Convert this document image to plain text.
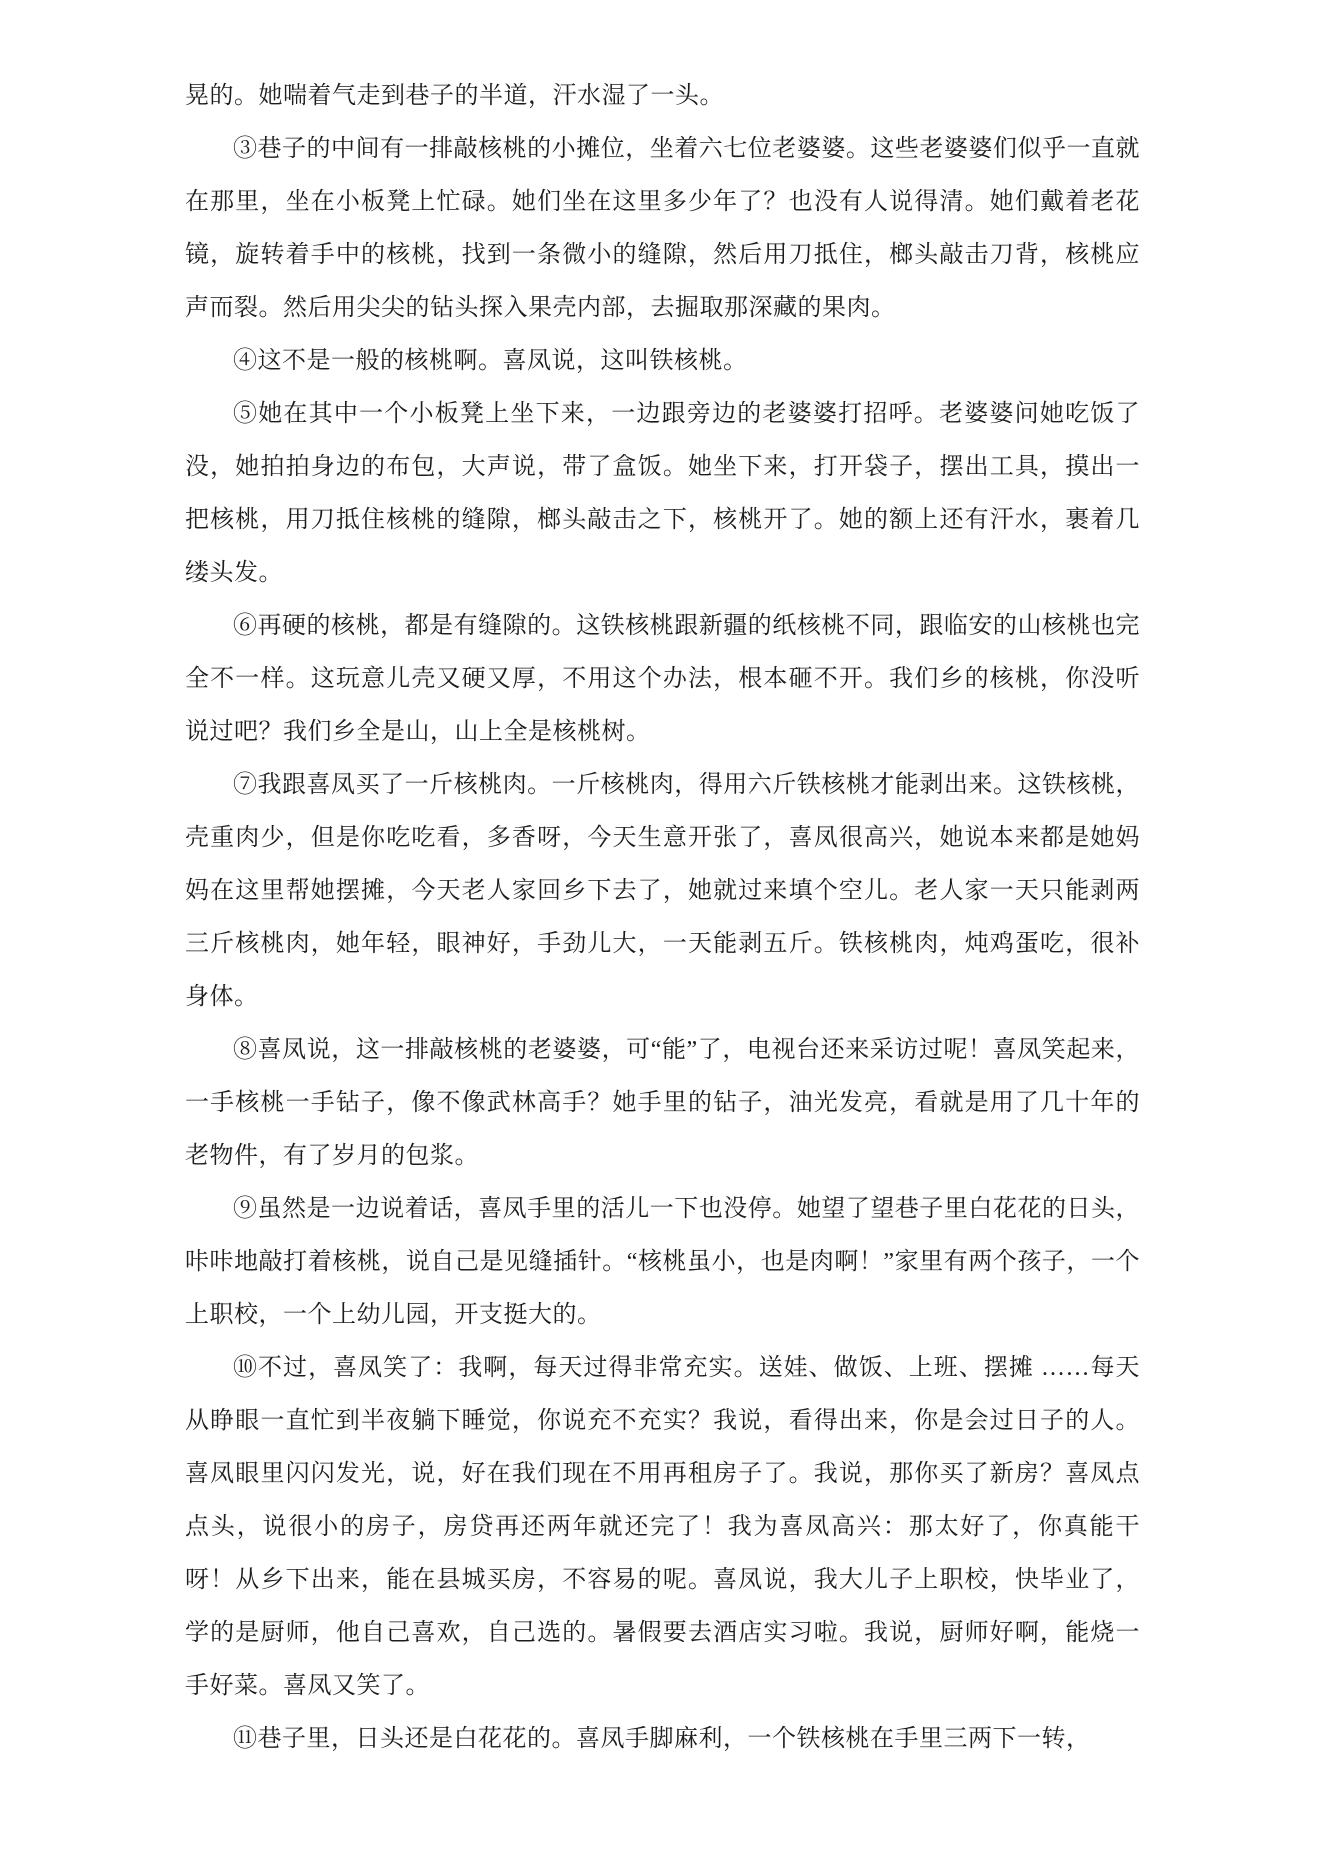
晃的。她喘着气走到巷子的半道，汗水湿了一头。

③巷子的中间有一排敲核桃的小摊位，坐着六七位老婆婆。这些老婆婆们似乎一直就在那里，坐在小板凳上忙碌。她们坐在这里多少年了？也没有人说得清。她们戴着老花镜，旋转着手中的核桃，找到一条微小的缝隙，然后用刀抵住，榔头敲击刀背，核桃应声而裂。然后用尖尖的钻头探入果壳内部，去掘取那深藏的果肉。

④这不是一般的核桃啊。喜凤说，这叫铁核桃。

⑤她在其中一个小板凳上坐下来，一边跟旁边的老婆婆打招呼。老婆婆问她吃饭了没，她拍拍身边的布包，大声说，带了盒饭。她坐下来，打开袋子，摆出工具，摸出一把核桃，用刀抵住核桃的缝隙，榔头敲击之下，核桃开了。她的额上还有汗水，裹着几缕头发。

⑥再硬的核桃，都是有缝隙的。这铁核桃跟新疆的纸核桃不同，跟临安的山核桃也完全不一样。这玩意儿壳又硬又厚，不用这个办法，根本砸不开。我们乡的核桃，你没听说过吧？我们乡全是山，山上全是核桃树。

⑦我跟喜凤买了一斤核桃肉。一斤核桃肉，得用六斤铁核桃才能剥出来。这铁核桃，壳重肉少，但是你吃吃看，多香呀，今天生意开张了，喜凤很高兴，她说本来都是她妈妈在这里帮她摆摊，今天老人家回乡下去了，她就过来填个空儿。老人家一天只能剥两三斤核桃肉，她年轻，眼神好，手劲儿大，一天能剥五斤。铁核桃肉，炖鸡蛋吃，很补身体。

⑧喜凤说，这一排敲核桃的老婆婆，可“能”了，电视台还来采访过呢！喜凤笑起来，一手核桃一手钻子，像不像武林高手？她手里的钻子，油光发亮，看就是用了几十年的老物件，有了岁月的包浆。

⑨虽然是一边说着话，喜凤手里的活儿一下也没停。她望了望巷子里白花花的日头，咔咔地敲打着核桃，说自己是见缝插针。“核桃虽小，也是肉啊！”家里有两个孩子，一个上职校，一个上幼儿园，开支挺大的。

⑩不过，喜凤笑了：我啊，每天过得非常充实。送娃、做饭、上班、摆摊 ……每天从睁眼一直忙到半夜躺下睡觉，你说充不充实？我说，看得出来，你是会过日子的人。喜凤眼里闪闪发光，说，好在我们现在不用再租房子了。我说，那你买了新房？喜凤点点头，说很小的房子，房贷再还两年就还完了！我为喜凤高兴：那太好了，你真能干呀！从乡下出来，能在县城买房，不容易的呢。喜凤说，我大儿子上职校，快毕业了，学的是厨师，他自己喜欢，自己选的。暑假要去酒店实习啦。我说，厨师好啊，能烧一手好菜。喜凤又笑了。

⑪巷子里，日头还是白花花的。喜凤手脚麻利，一个铁核桃在手里三两下一转，
